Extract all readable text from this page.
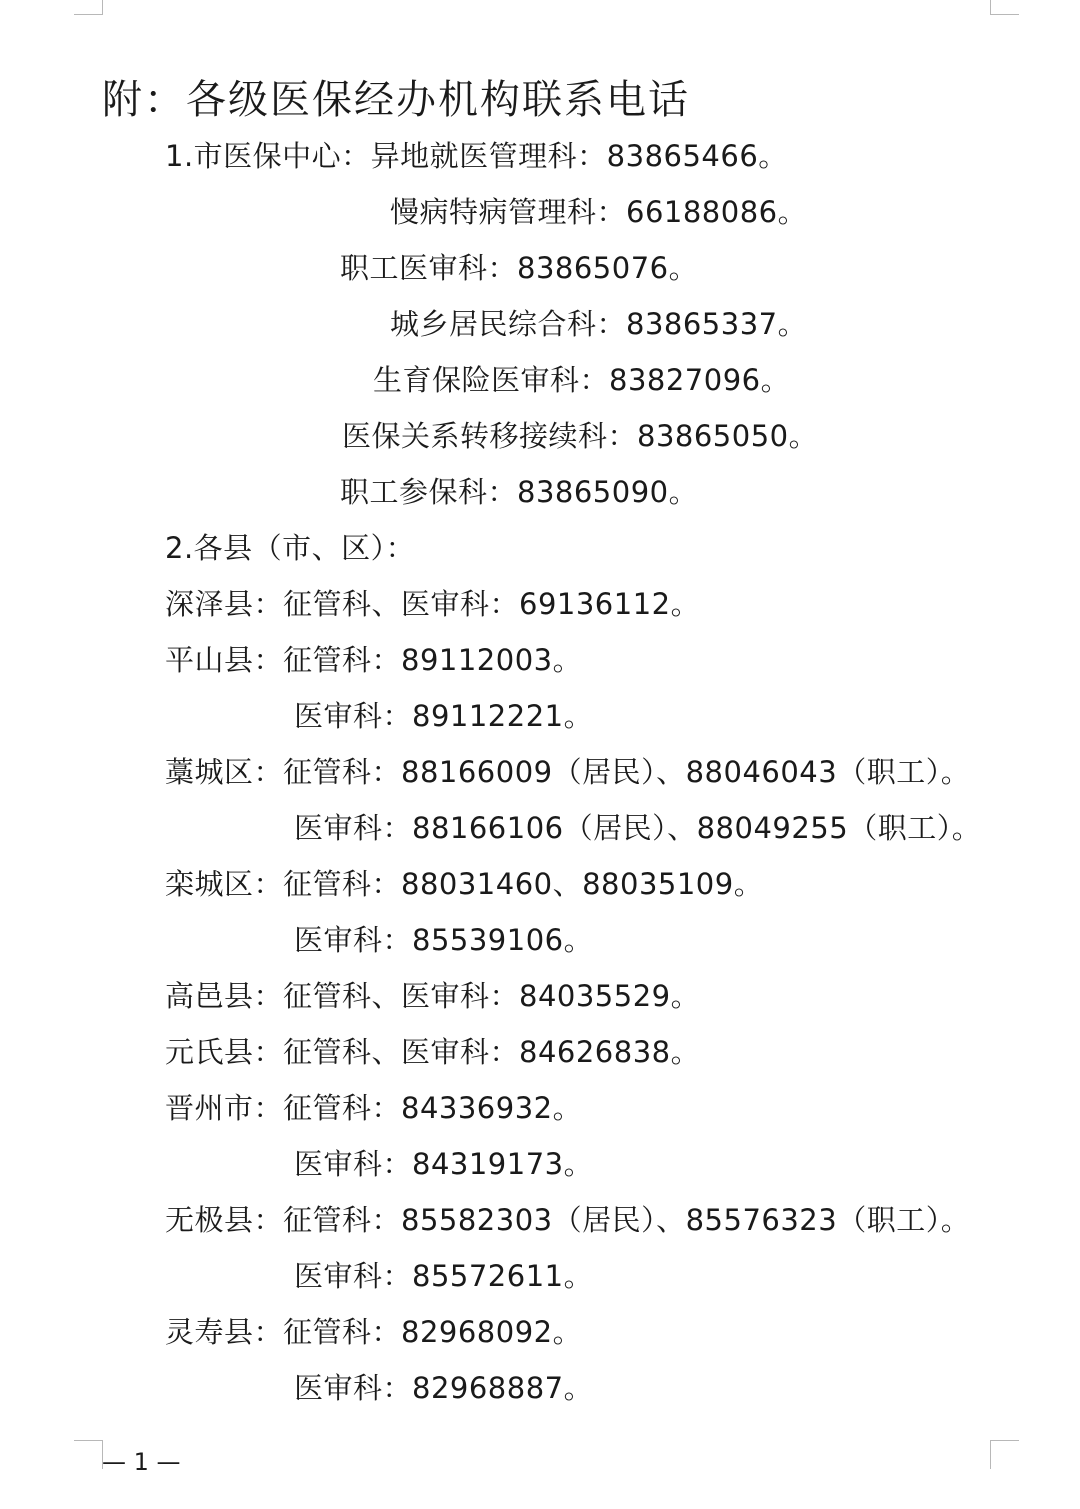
附：各级医保经办机构联系电话
1.市医保中心：异地就医管理科：83865466。
慢病特病管理科：66188086。
职工医审科：83865076。
城乡居民综合科：83865337。
生育保险医审科：83827096。
医保关系转移接续科：83865050。
职工参保科：83865090。
2.各县（市、区）：
深泽县：征管科、医审科：69136112。
平山县：征管科：89112003。
医审科：89112221。
藁城区：征管科：88166009（居民）、88046043（职工）。
医审科：88166106（居民）、88049255（职工）。
栾城区：征管科：88031460、88035109。
医审科：85539106。
高邑县：征管科、医审科：84035529。
元氏县：征管科、医审科：84626838。
晋州市：征管科：84336932。
医审科：84319173。
无极县：征管科：85582303（居民）、85576323（职工）。
医审科：85572611。
灵寿县：征管科：82968092。
医审科：82968887。
— 1 —
